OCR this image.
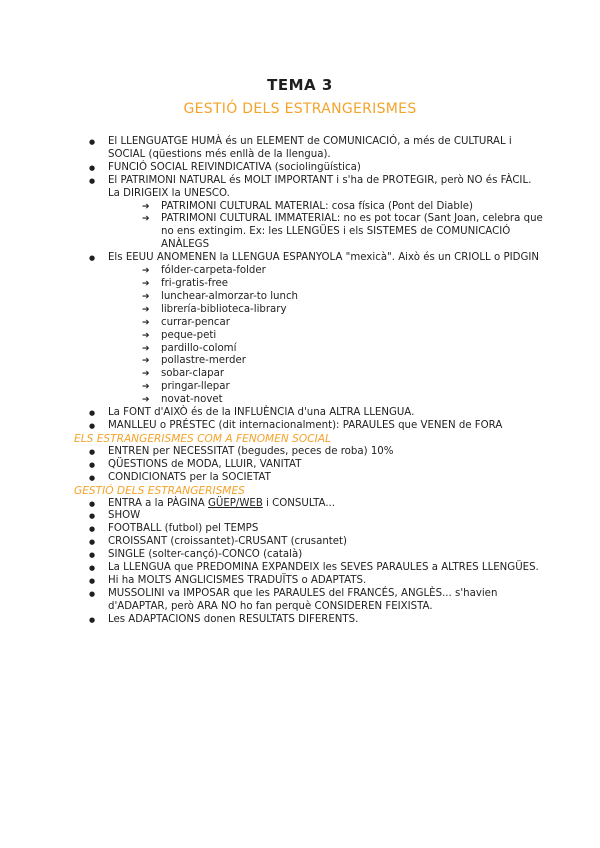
TEMA 3
GESTIÓ DELS ESTRANGERISMES
● El LLENGUATGE HUMÀ és un ELEMENT de COMUNICACIÓ, a més de CULTURAL i SOCIAL (qüestions més enllà de la llengua).
● FUNCIÓ SOCIAL REIVINDICATIVA (sociolingüística)
● El PATRIMONI NATURAL és MOLT IMPORTANT i s'ha de PROTEGIR, però NO és FÀCIL. La DIRIGEIX la UNESCO.
➔ PATRIMONI CULTURAL MATERIAL: cosa física (Pont del Diable)
➔ PATRIMONI CULTURAL IMMATERIAL: no es pot tocar (Sant Joan, celebra que no ens extingim. Ex: les LLENGÜES i els SISTEMES de COMUNICACIÓ ANÀLEGS
● Els EEUU ANOMENEN la LLENGUA ESPANYOLA "mexicà". Això és un CRIOLL o PIDGIN
➔ fólder-carpeta-folder
➔ fri-gratis-free
➔ lunchear-almorzar-to lunch
➔ librería-biblioteca-library
➔ currar-pencar
➔ peque-peti
➔ pardillo-colomí
➔ pollastre-merder
➔ sobar-clapar
➔ pringar-llepar
➔ novat-novet
● La FONT d'AIXÒ és de la INFLUÈNCIA d'una ALTRA LLENGUA.
● MANLLEU o PRÉSTEC (dit internacionalment): PARAULES que VENEN de FORA

ELS ESTRANGERISMES COM A FENOMEN SOCIAL

● ENTREN per NECESSITAT (begudes, peces de roba) 10%
● QÜESTIONS de MODA, LLUIR, VANITAT
● CONDICIONATS per la SOCIETAT

GESTIÓ DELS ESTRANGERISMES

● ENTRA a la PÀGINA GÜEP/WEB i CONSULTA...
● SHOW
● FOOTBALL (futbol) pel TEMPS
● CROISSANT (croissantet)-CRUSANT (crusantet)
● SINGLE (solter-cançó)-CONCO (català)
● La LLENGUA que PREDOMINA EXPANDEIX les SEVES PARAULES a ALTRES LLENGÜES.
● Hi ha MOLTS ANGLICISMES TRADUÏTS o ADAPTATS.
● MUSSOLINI va IMPOSAR que les PARAULES del FRANCÉS, ANGLÈS... s'havien d'ADAPTAR, però ARA NO ho fan perquè CONSIDEREN FEIXISTA.
● Les ADAPTACIONS donen RESULTATS DIFERENTS.
